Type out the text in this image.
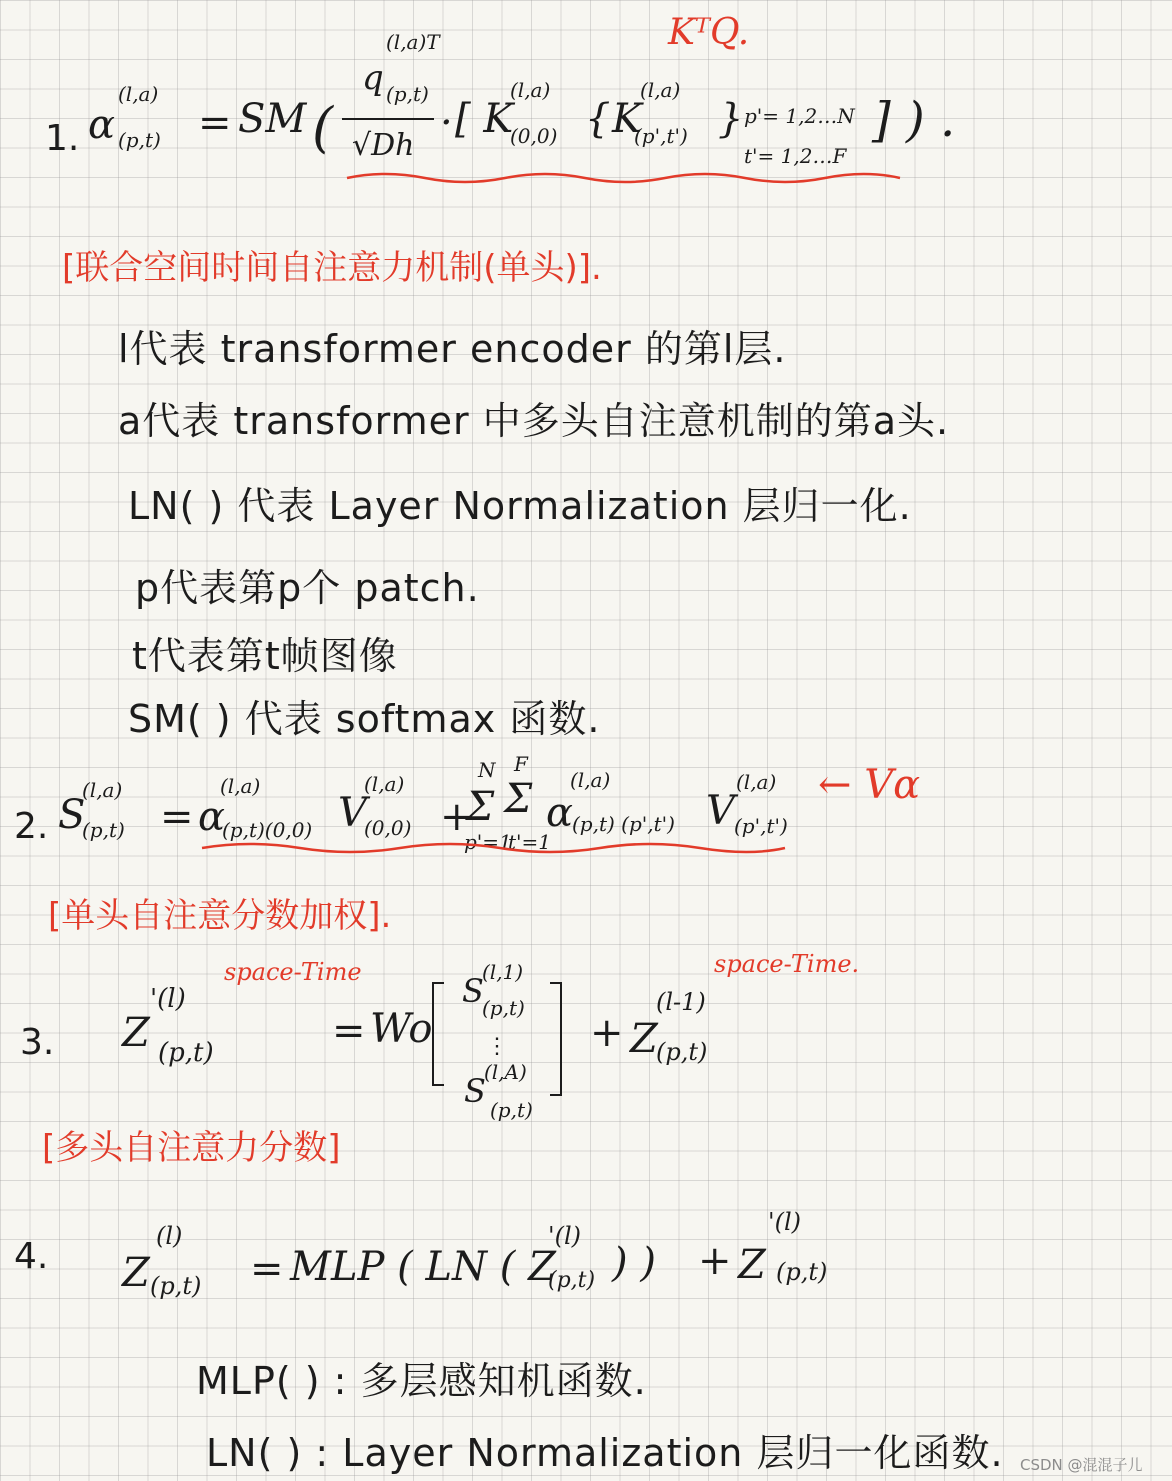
1. α
(l,a)
(p,t) = SM (
q
(l,a)T
(p,t)
√Dh · [ K
(l,a)
(0,0) { K
(l,a)
(p',t') } p'= 1,2…N
t'= 1,2…F
] ) .
KᵀQ.
[联合空间时间自注意力机制(单头)].
l代表 transformer encoder 的第l层.
a代表 transformer 中多头自注意机制的第a头.
LN( ) 代表 Layer Normalization 层归一化.
p代表第p个 patch.
t代表第t帧图像
SM( ) 代表 softmax 函数.
2. S
(l,a)
(p,t) = α
(l,a)
(p,t)(0,0) V
(l,a)
(0,0) +
N
Σ
p'=1
F
Σ
t'=1
α
(l,a)
(p,t) (p',t') V
(l,a)
(p',t')
← Vα
[单头自注意分数加权].
3. Z
'(l)
(p,t)
space-Time
= Wo
S
(l,1)
(p,t)
⋮
S
(l,A)
(p,t)
+ Z
(l-1)
(p,t)
space-Time.
[多头自注意力分数]
4. Z
(l)
(p,t) = MLP ( LN ( Z
'(l)
(p,t) ) ) + Z
'(l)
(p,t)
MLP( ) : 多层感知机函数.
LN( ) : Layer Normalization 层归一化函数. CSDN @混混子儿
